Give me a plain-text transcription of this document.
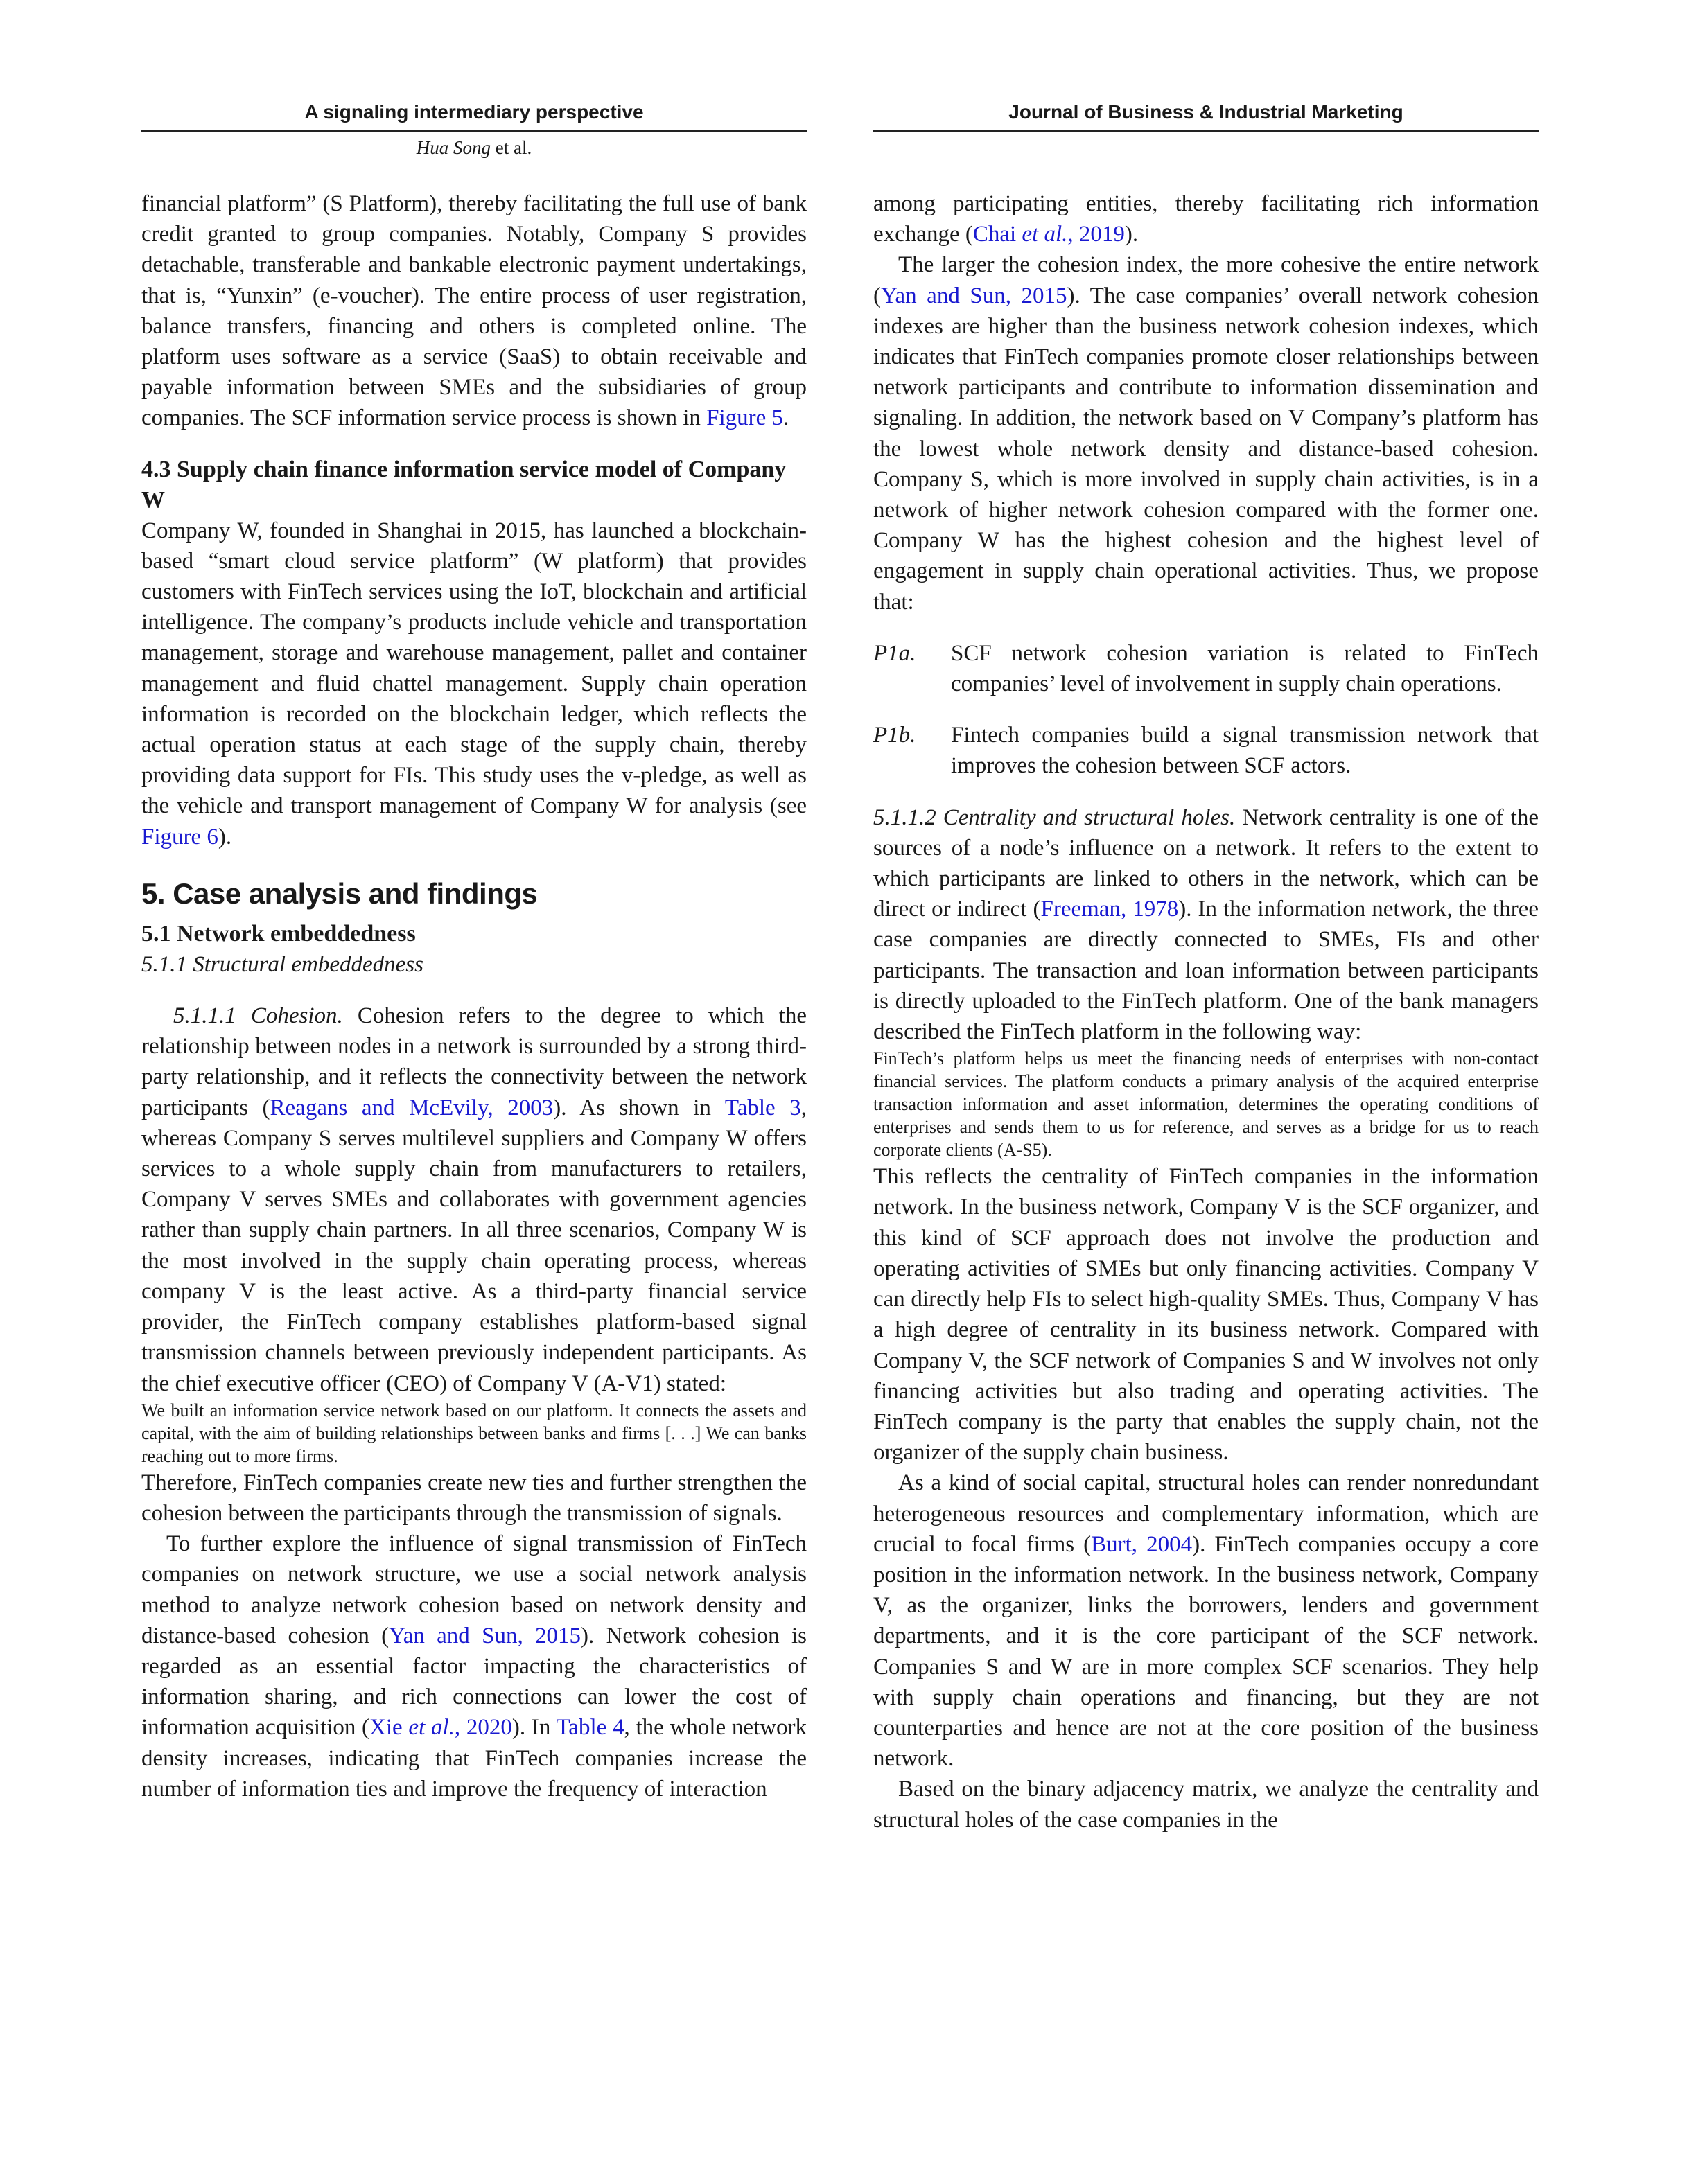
A signaling intermediary perspective	Journal of Business & Industrial Marketing
Hua Song et al.

financial platform” (S Platform), thereby facilitating the full use of bank credit granted to group companies. Notably, Company S provides detachable, transferable and bankable electronic payment undertakings, that is, “Yunxin” (e-voucher). The entire process of user registration, balance transfers, financing and others is completed online. The platform uses software as a service (SaaS) to obtain receivable and payable information between SMEs and the subsidiaries of group companies. The SCF information service process is shown in Figure 5.

4.3 Supply chain finance information service model of Company W

Company W, founded in Shanghai in 2015, has launched a blockchain-based “smart cloud service platform” (W platform) that provides customers with FinTech services using the IoT, blockchain and artificial intelligence. The company’s products include vehicle and transportation management, storage and warehouse management, pallet and container management and fluid chattel management. Supply chain operation information is recorded on the blockchain ledger, which reflects the actual operation status at each stage of the supply chain, thereby providing data support for FIs. This study uses the v-pledge, as well as the vehicle and transport management of Company W for analysis (see Figure 6).

5. Case analysis and findings
5.1 Network embeddedness

5.1.1 Structural embeddedness

5.1.1.1 Cohesion. Cohesion refers to the degree to which the relationship between nodes in a network is surrounded by a strong third-party relationship, and it reflects the connectivity between the network participants (Reagans and McEvily, 2003). As shown in Table 3, whereas Company S serves multilevel suppliers and Company W offers services to a whole supply chain from manufacturers to retailers, Company V serves SMEs and collaborates with government agencies rather than supply chain partners. In all three scenarios, Company W is the most involved in the supply chain operating process, whereas company V is the least active. As a third-party financial service provider, the FinTech company establishes platform-based signal transmission channels between previously independent participants. As the chief executive officer (CEO) of Company V (A-V1) stated:

We built an information service network based on our platform. It connects the assets and capital, with the aim of building relationships between banks and firms [. . .] We can banks reaching out to more firms.

Therefore, FinTech companies create new ties and further strengthen the cohesion between the participants through the transmission of signals.

To further explore the influence of signal transmission of FinTech companies on network structure, we use a social network analysis method to analyze network cohesion based on network density and distance-based cohesion (Yan and Sun, 2015). Network cohesion is regarded as an essential factor impacting the characteristics of information sharing, and rich connections can lower the cost of information acquisition (Xie et al., 2020). In Table 4, the whole network density increases, indicating that FinTech companies increase the number of information ties and improve the frequency of interaction

among participating entities, thereby facilitating rich information exchange (Chai et al., 2019).

The larger the cohesion index, the more cohesive the entire network (Yan and Sun, 2015). The case companies’ overall network cohesion indexes are higher than the business network cohesion indexes, which indicates that FinTech companies promote closer relationships between network participants and contribute to information dissemination and signaling. In addition, the network based on V Company’s platform has the lowest whole network density and distance-based cohesion. Company S, which is more involved in supply chain activities, is in a network of higher network cohesion compared with the former one. Company W has the highest cohesion and the highest level of engagement in supply chain operational activities. Thus, we propose that:

P1a.	SCF network cohesion variation is related to FinTech companies’ level of involvement in supply chain operations.
P1b.	Fintech companies build a signal transmission network that improves the cohesion between SCF actors.

5.1.1.2 Centrality and structural holes. Network centrality is one of the sources of a node’s influence on a network. It refers to the extent to which participants are linked to others in the network, which can be direct or indirect (Freeman, 1978). In the information network, the three case companies are directly connected to SMEs, FIs and other participants. The transaction and loan information between participants is directly uploaded to the FinTech platform. One of the bank managers described the FinTech platform in the following way:

FinTech’s platform helps us meet the financing needs of enterprises with non-contact financial services. The platform conducts a primary analysis of the acquired enterprise transaction information and asset information, determines the operating conditions of enterprises and sends them to us for reference, and serves as a bridge for us to reach corporate clients (A-S5).

This reflects the centrality of FinTech companies in the information network. In the business network, Company V is the SCF organizer, and this kind of SCF approach does not involve the production and operating activities of SMEs but only financing activities. Company V can directly help FIs to select high-quality SMEs. Thus, Company V has a high degree of centrality in its business network. Compared with Company V, the SCF network of Companies S and W involves not only financing activities but also trading and operating activities. The FinTech company is the party that enables the supply chain, not the organizer of the supply chain business.

As a kind of social capital, structural holes can render nonredundant heterogeneous resources and complementary information, which are crucial to focal firms (Burt, 2004). FinTech companies occupy a core position in the information network. In the business network, Company V, as the organizer, links the borrowers, lenders and government departments, and it is the core participant of the SCF network. Companies S and W are in more complex SCF scenarios. They help with supply chain operations and financing, but they are not counterparties and hence are not at the core position of the business network.

Based on the binary adjacency matrix, we analyze the centrality and structural holes of the case companies in the
